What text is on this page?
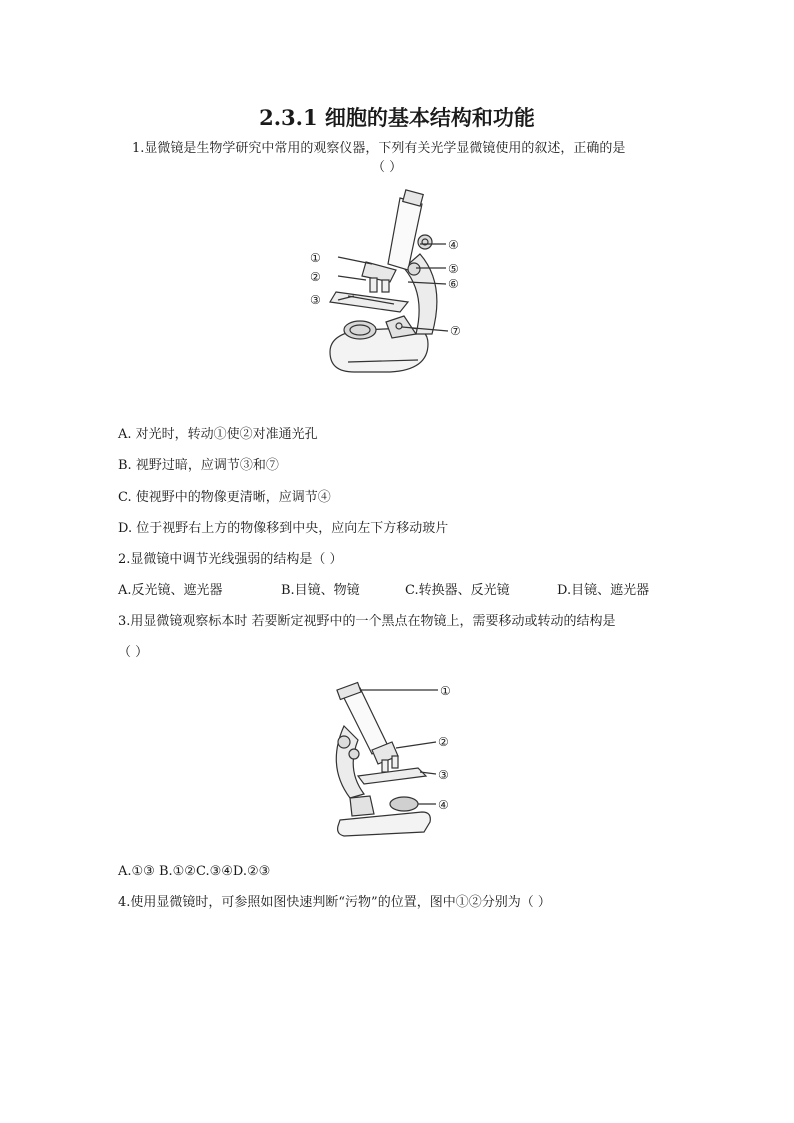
2.3.1 细胞的基本结构和功能
1.显微镜是生物学研究中常用的观察仪器，下列有关光学显微镜使用的叙述，正确的是
（ ）
①
②
③
④
⑤
⑥
⑦
A. 对光时，转动①使②对准通光孔
B. 视野过暗，应调节③和⑦
C. 使视野中的物像更清晰，应调节④
D. 位于视野右上方的物像移到中央，应向左下方移动玻片
2.显微镜中调节光线强弱的结构是（ ）
A.反光镜、遮光器	B.目镜、物镜	C.转换器、反光镜	D.目镜、遮光器
3.用显微镜观察标本时 若要断定视野中的一个黑点在物镜上，需要移动或转动的结构是
（ ）
①
②
③
④
A.①③ B.①②C.③④D.②③
4.使用显微镜时，可参照如图快速判断“污物”的位置，图中①②分别为（ ）
